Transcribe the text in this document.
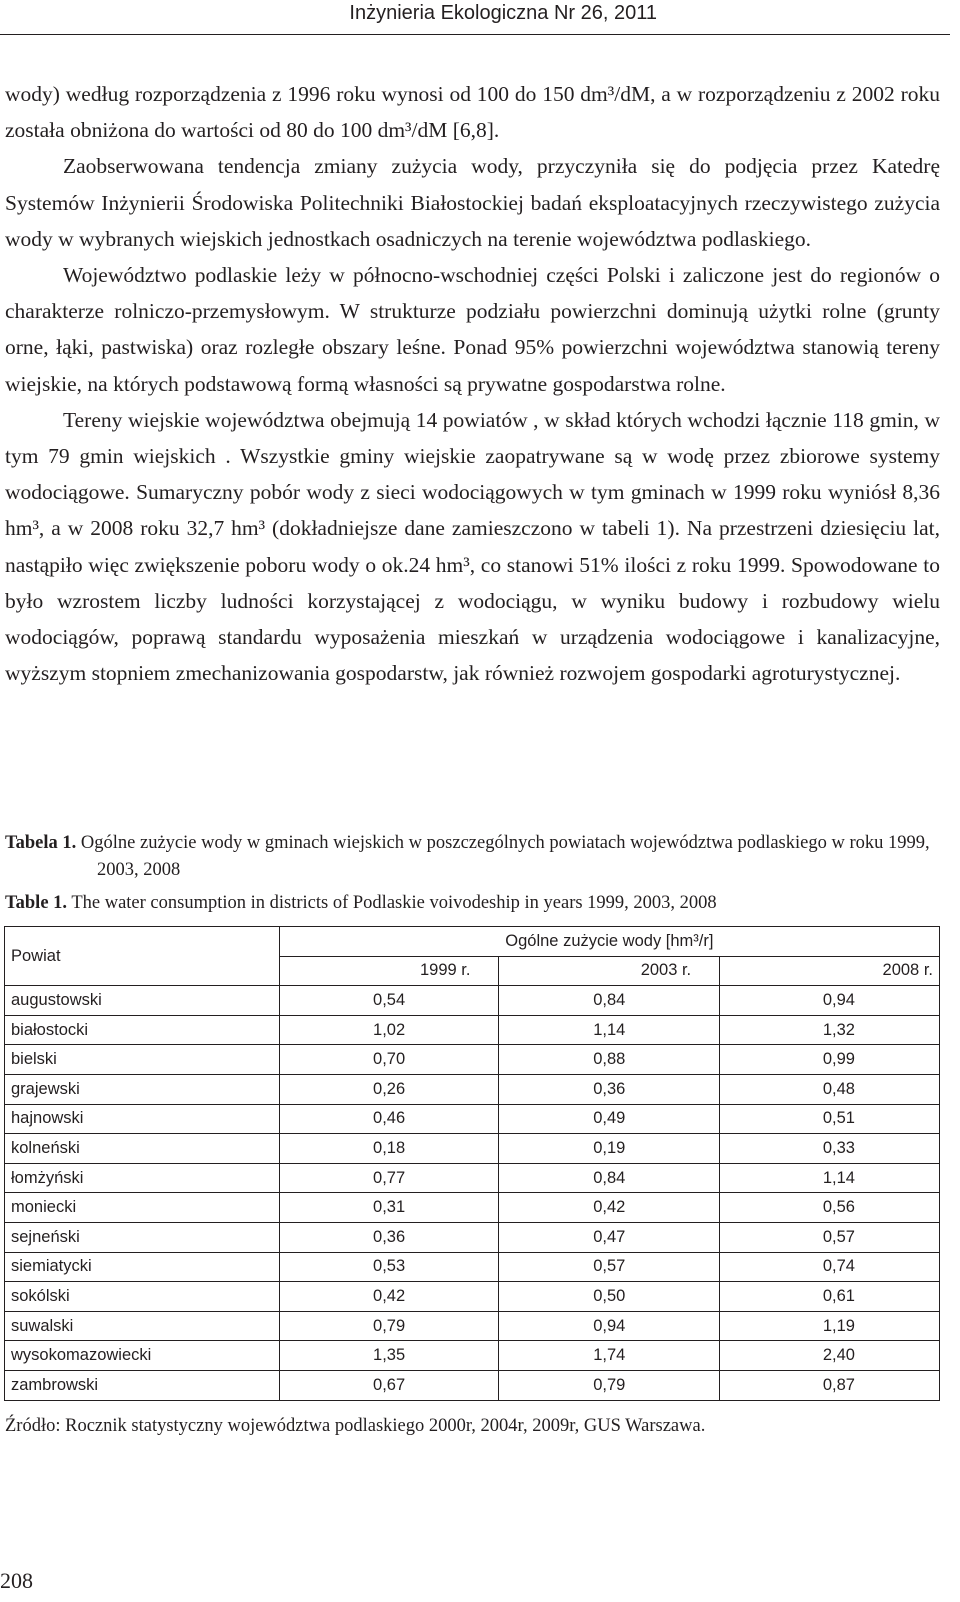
Inżynieria Ekologiczna Nr 26, 2011

wody) według rozporządzenia z 1996 roku wynosi od 100 do 150 dm³/dM, a w rozporządzeniu z 2002 roku została obniżona do wartości od 80 do 100 dm³/dM [6,8].

Zaobserwowana tendencja zmiany zużycia wody, przyczyniła się do podjęcia przez Katedrę Systemów Inżynierii Środowiska Politechniki Białostockiej badań eksploatacyjnych rzeczywistego zużycia wody w wybranych wiejskich jednostkach osadniczych na terenie województwa podlaskiego.

Województwo podlaskie leży w północno-wschodniej części Polski i zaliczone jest do regionów o charakterze rolniczo-przemysłowym. W strukturze podziału powierzchni dominują użytki rolne (grunty orne, łąki, pastwiska) oraz rozległe obszary leśne. Ponad 95% powierzchni województwa stanowią tereny wiejskie, na których podstawową formą własności są prywatne gospodarstwa rolne.

Tereny wiejskie województwa obejmują 14 powiatów , w skład których wchodzi łącznie 118 gmin, w tym 79 gmin wiejskich . Wszystkie gminy wiejskie zaopatrywane są w wodę przez zbiorowe systemy wodociągowe. Sumaryczny pobór wody z sieci wodociągowych w tym gminach w 1999 roku wyniósł 8,36 hm³, a w 2008 roku 32,7 hm³ (dokładniejsze dane zamieszczono w tabeli 1). Na przestrzeni dziesięciu lat, nastąpiło więc zwiększenie poboru wody o ok.24 hm³, co stanowi 51% ilości z roku 1999. Spowodowane to było wzrostem liczby ludności korzystającej z wodociągu, w wyniku budowy i rozbudowy wielu wodociągów, poprawą standardu wyposażenia mieszkań w urządzenia wodociągowe i kanalizacyjne, wyższym stopniem zmechanizowania gospodarstw, jak również rozwojem gospodarki agroturystycznej.

Tabela 1. Ogólne zużycie wody w gminach wiejskich w poszczególnych powiatach województwa podlaskiego w roku 1999, 2003, 2008
Table 1. The water consumption in districts of Podlaskie voivodeship in years 1999, 2003, 2008
Powiat	Ogólne zużycie wody [hm³/r]		
	1999 r.	2003 r.	2008 r.
augustowski	0,54	0,84	0,94
białostocki	1,02	1,14	1,32
bielski	0,70	0,88	0,99
grajewski	0,26	0,36	0,48
hajnowski	0,46	0,49	0,51
kolneński	0,18	0,19	0,33
łomżyński	0,77	0,84	1,14
moniecki	0,31	0,42	0,56
sejneński	0,36	0,47	0,57
siemiatycki	0,53	0,57	0,74
sokólski	0,42	0,50	0,61
suwalski	0,79	0,94	1,19
wysokomazowiecki	1,35	1,74	2,40
zambrowski	0,67	0,79	0,87
Źródło: Rocznik statystyczny województwa podlaskiego 2000r, 2004r, 2009r, GUS Warszawa.
208
